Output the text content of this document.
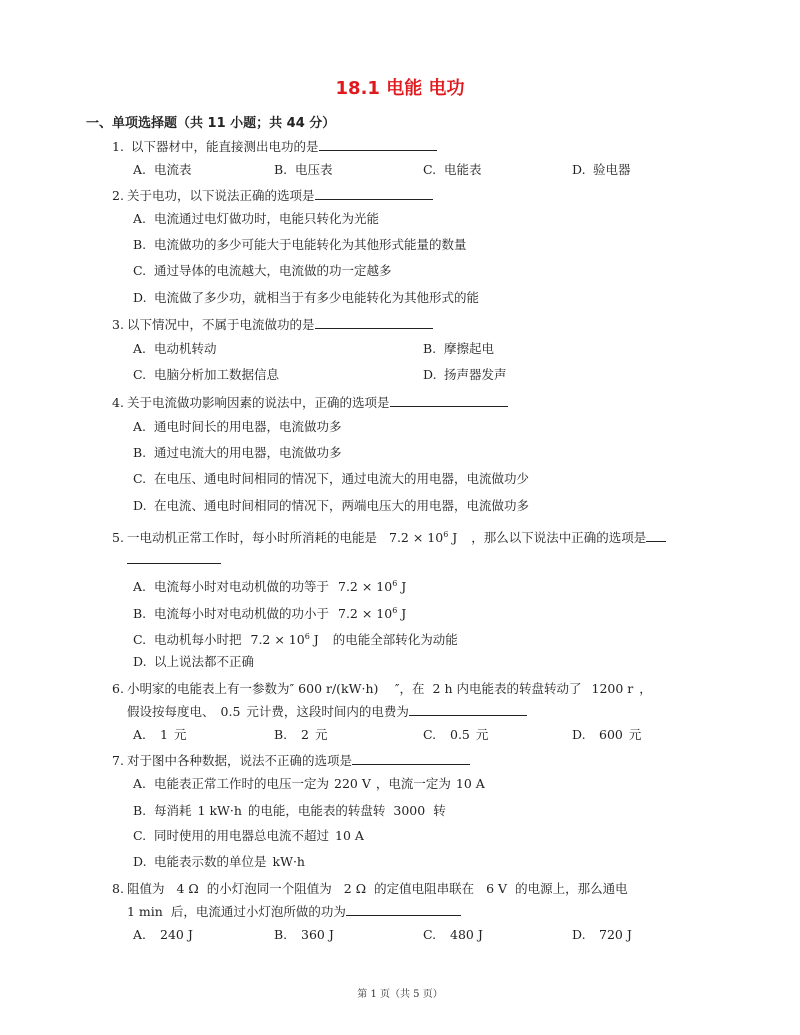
18.1 电能 电功
一、单项选择题（共 11 小题；共 44 分）
1. 以下器材中，能直接测出电功的是
A. 电流表	B. 电压表	C. 电能表	D. 验电器
2. 关于电功，以下说法正确的选项是
A. 电流通过电灯做功时，电能只转化为光能
B. 电流做功的多少可能大于电能转化为其他形式能量的数量
C. 通过导体的电流越大，电流做的功一定越多
D. 电流做了多少功，就相当于有多少电能转化为其他形式的能
3. 以下情况中，不属于电流做功的是
A. 电动机转动	B. 摩擦起电
C. 电脑分析加工数据信息	D. 扬声器发声
4. 关于电流做功影响因素的说法中，正确的选项是
A. 通电时间长的用电器，电流做功多
B. 通过电流大的用电器，电流做功多
C. 在电压、通电时间相同的情况下，通过电流大的用电器，电流做功少
D. 在电流、通电时间相同的情况下，两端电压大的用电器，电流做功多
5. 一电动机正常工作时，每小时所消耗的电能是 $7.2 \times 10^6$ J ，那么以下说法中正确的选项是
A. 电流每小时对电动机做的功等于 $7.2 \times 10^6$ J
B. 电流每小时对电动机做的功小于 $7.2 \times 10^6$ J
C. 电动机每小时把 $7.2 \times 10^6$ J 的电能全部转化为动能
D. 以上说法都不正确
6. 小明家的电能表上有一参数为″ 600 r/(kW·h)　 ″，在 2 h 内电能表的转盘转动了 1200 r ，
假设按每度电、 0.5 元计费，这段时间内的电费为
A. 1 元	B. 2 元	C. 0.5 元	D. 600 元
7. 对于图中各种数据，说法不正确的选项是
A. 电能表正常工作时的电压一定为 220 V ，电流一定为 10 A
B. 每消耗 1 kW·h 的电能，电能表的转盘转 3000 转
C. 同时使用的用电器总电流不超过 10 A
D. 电能表示数的单位是 kW·h
8. 阻值为 4 Ω 的小灯泡同一个阻值为 2 Ω 的定值电阻串联在 6 V 的电源上，那么通电
1 min 后，电流通过小灯泡所做的功为
A. 240 J	B. 360 J	C. 480 J	D. 720 J
第 1 页（共 5 页）
